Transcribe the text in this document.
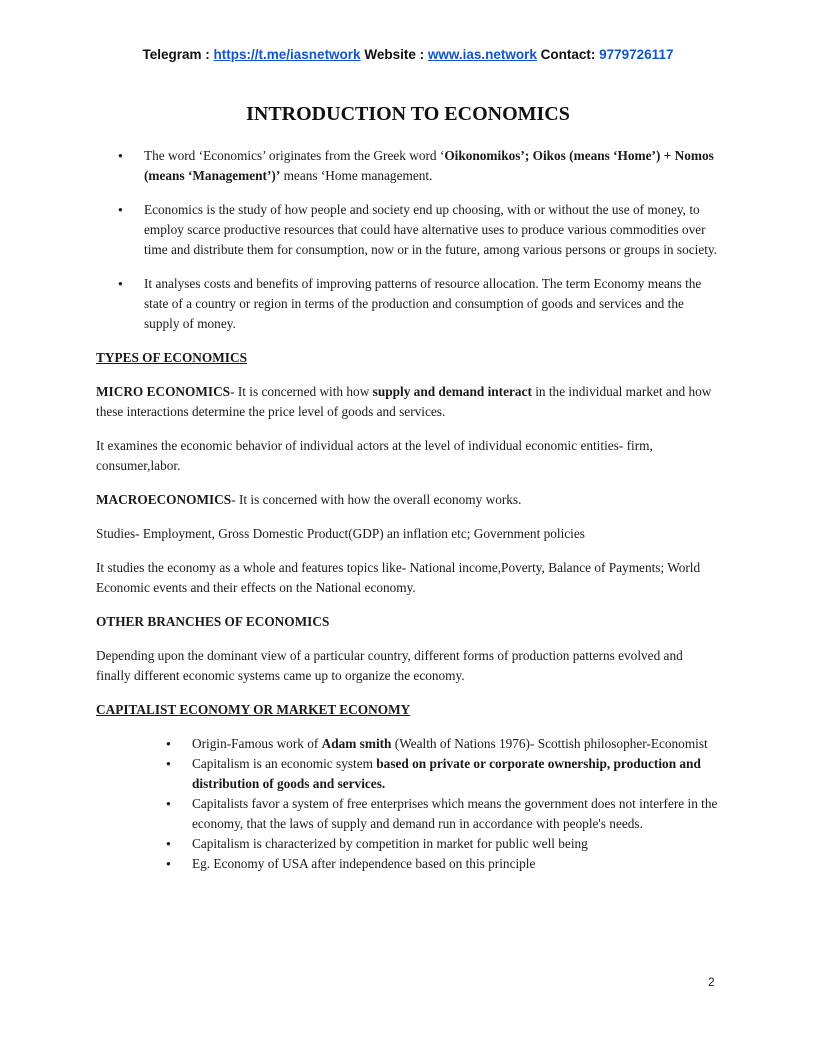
Telegram : https://t.me/iasnetwork Website : www.ias.network Contact: 9779726117
INTRODUCTION TO ECONOMICS
● The word ‘Economics’ originates from the Greek word ‘Oikonomikos’; Oikos (means ‘Home’) + Nomos (means ‘Management’)’ means ‘Home management.
● Economics is the study of how people and society end up choosing, with or without the use of money, to employ scarce productive resources that could have alternative uses to produce various commodities over time and distribute them for consumption, now or in the future, among various persons or groups in society.
● It analyses costs and benefits of improving patterns of resource allocation. The term Economy means the state of a country or region in terms of the production and consumption of goods and services and the supply of money.
TYPES OF ECONOMICS

MICRO ECONOMICS- It is concerned with how supply and demand interact in the individual market and how these interactions determine the price level of goods and services.

It examines the economic behavior of individual actors at the level of individual economic entities- firm, consumer,labor.

MACROECONOMICS- It is concerned with how the overall economy works.

Studies- Employment, Gross Domestic Product(GDP) an inflation etc; Government policies

It studies the economy as a whole and features topics like- National income,Poverty, Balance of Payments; World Economic events and their effects on the National economy.

OTHER BRANCHES OF ECONOMICS

Depending upon the dominant view of a particular country, different forms of production patterns evolved and finally different economic systems came up to organize the economy.

CAPITALIST ECONOMY OR MARKET ECONOMY
● Origin-Famous work of Adam smith (Wealth of Nations 1976)- Scottish philosopher-Economist
● Capitalism is an economic system based on private or corporate ownership, production and distribution of goods and services.
● Capitalists favor a system of free enterprises which means the government does not interfere in the economy, that the laws of supply and demand run in accordance with people's needs.
● Capitalism is characterized by competition in market for public well being
● Eg. Economy of USA after independence based on this principle
2
